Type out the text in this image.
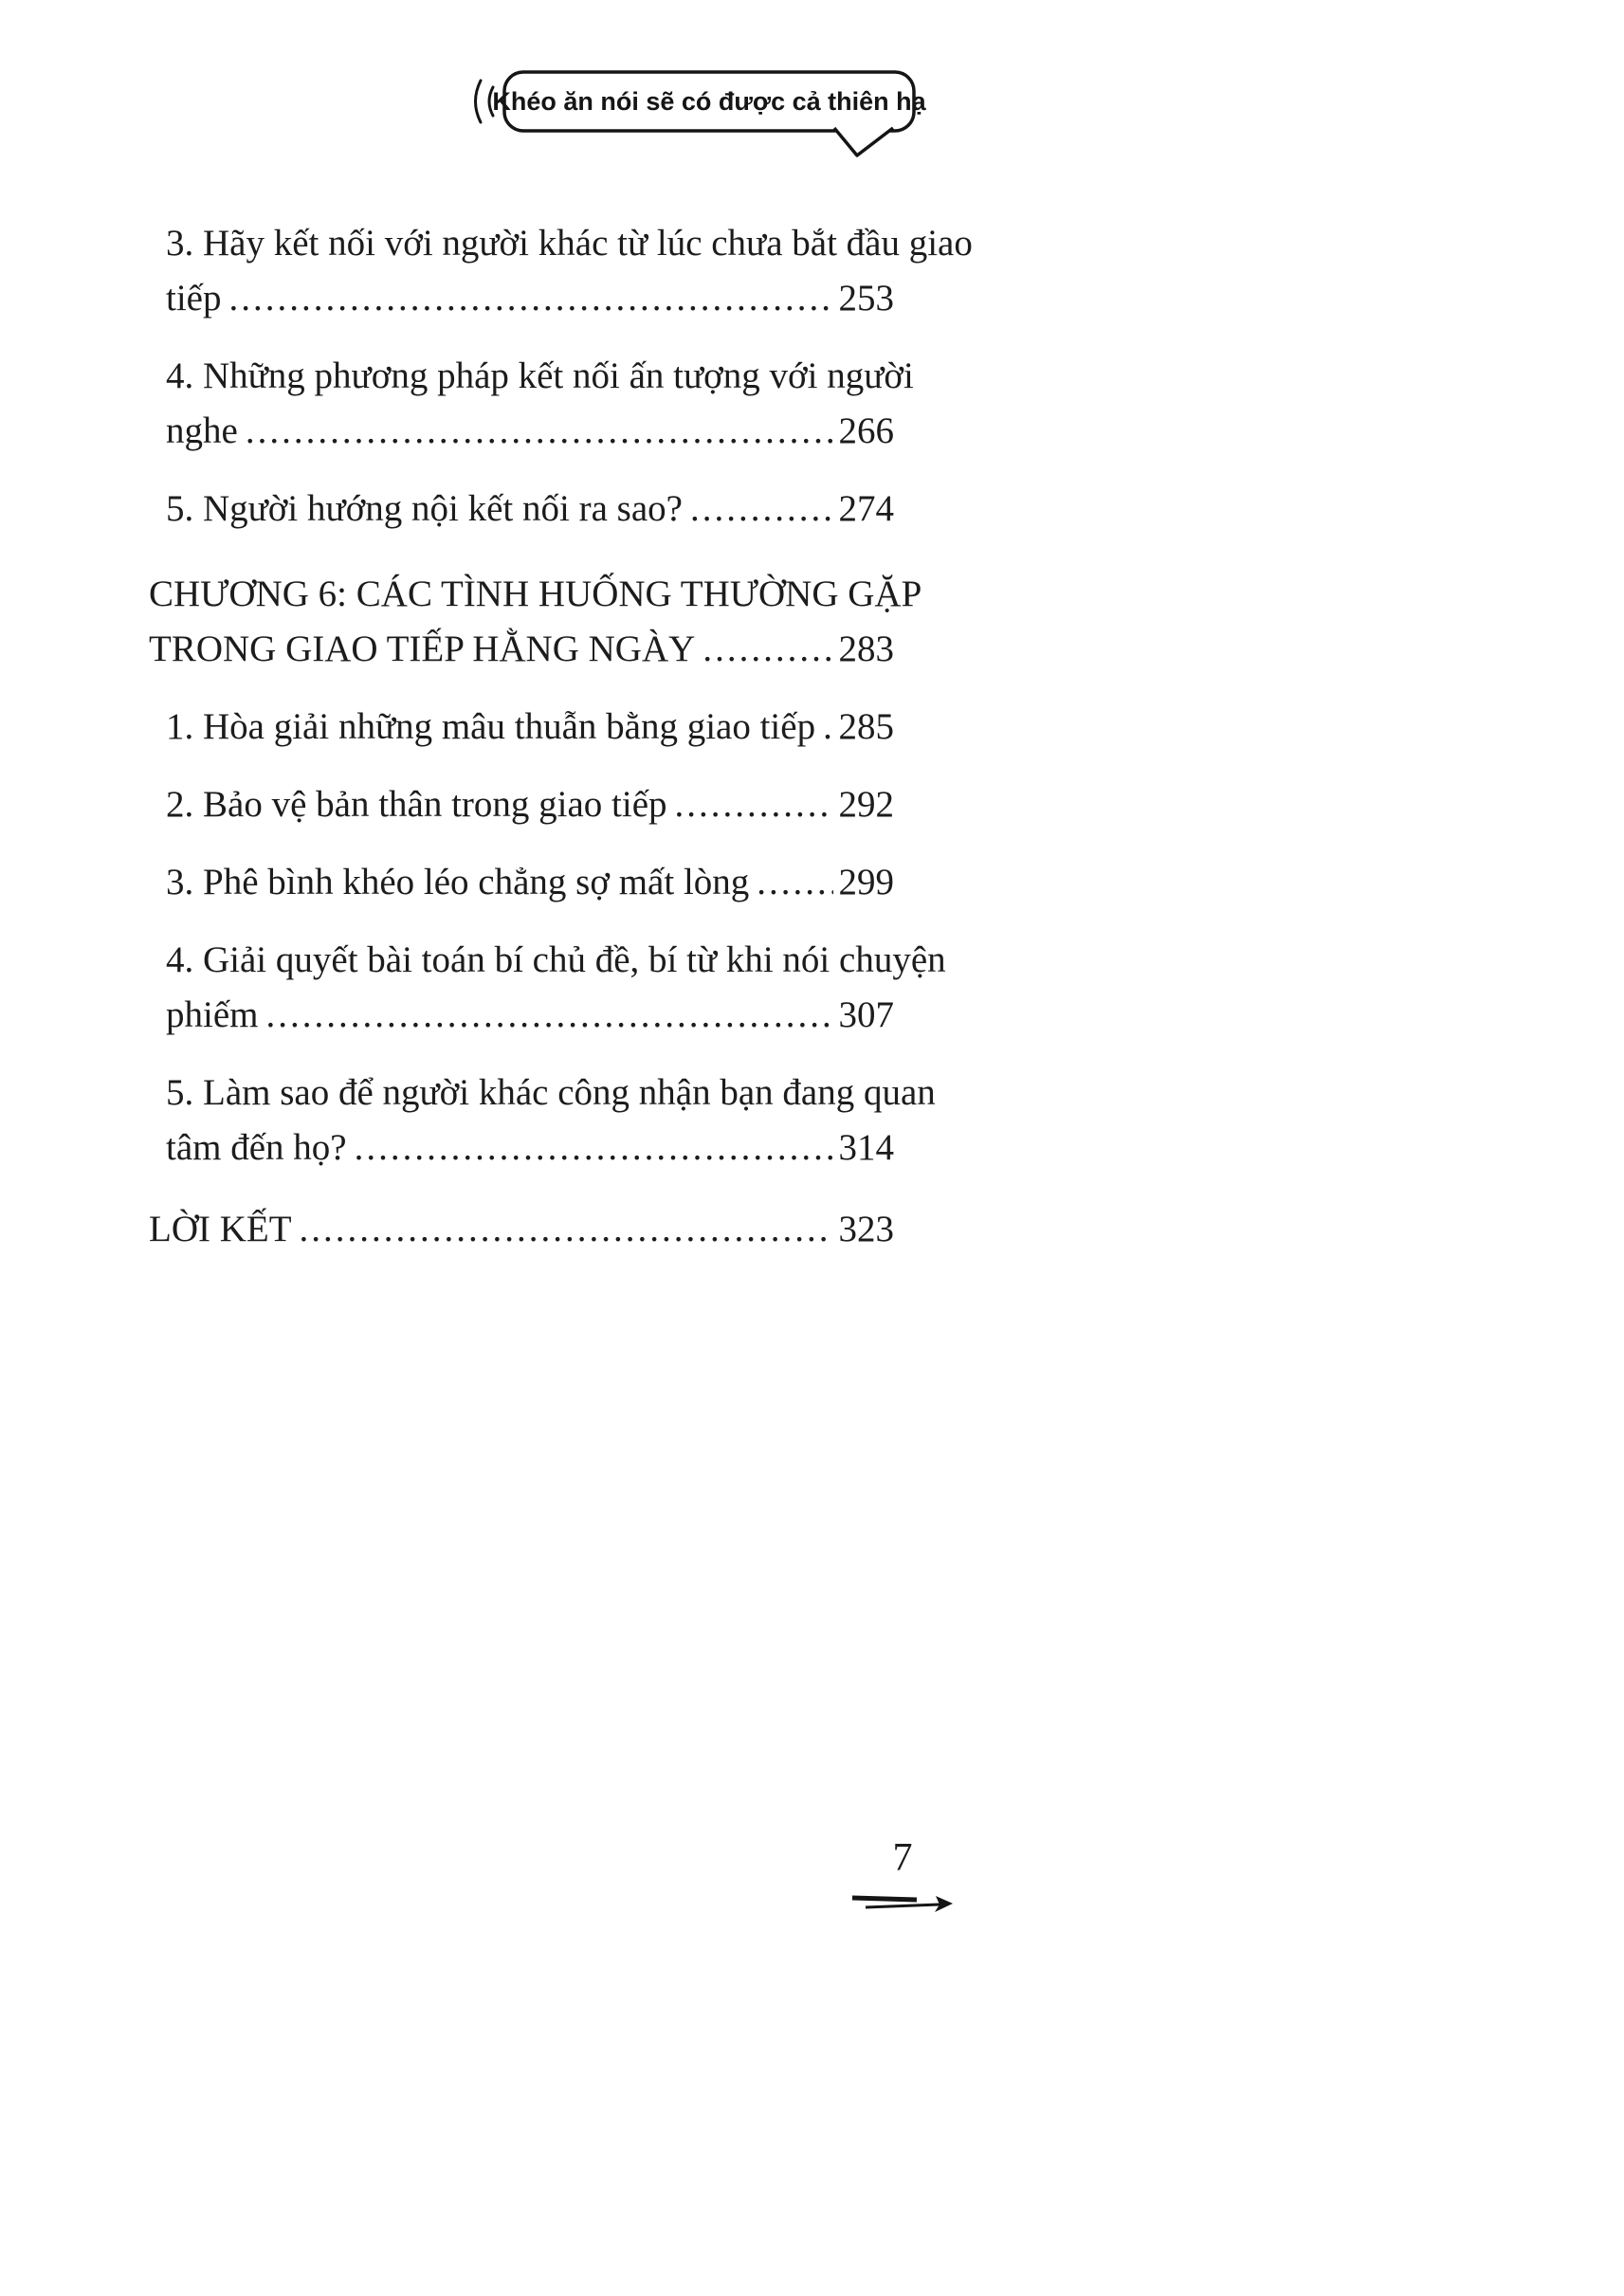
Khéo ăn nói sẽ có được cả thiên hạ
3. Hãy kết nối với người khác từ lúc chưa bắt đầu giao
tiếp .....	253
4. Những phương pháp kết nối ấn tượng với người
nghe .....	266
5. Người hướng nội kết nối ra sao? .....	274
CHƯƠNG 6: CÁC TÌNH HUỐNG THƯỜNG GẶP
TRONG GIAO TIẾP HẰNG NGÀY .....	283
1. Hòa giải những mâu thuẫn bằng giao tiếp ..... 285
2. Bảo vệ bản thân trong giao tiếp .....	292
3. Phê bình khéo léo chẳng sợ mất lòng ..... 299
4. Giải quyết bài toán bí chủ đề, bí từ khi nói chuyện
phiếm .....	307
5. Làm sao để người khác công nhận bạn đang quan
tâm đến họ? .....	314
LỜI KẾT .....	323
7
